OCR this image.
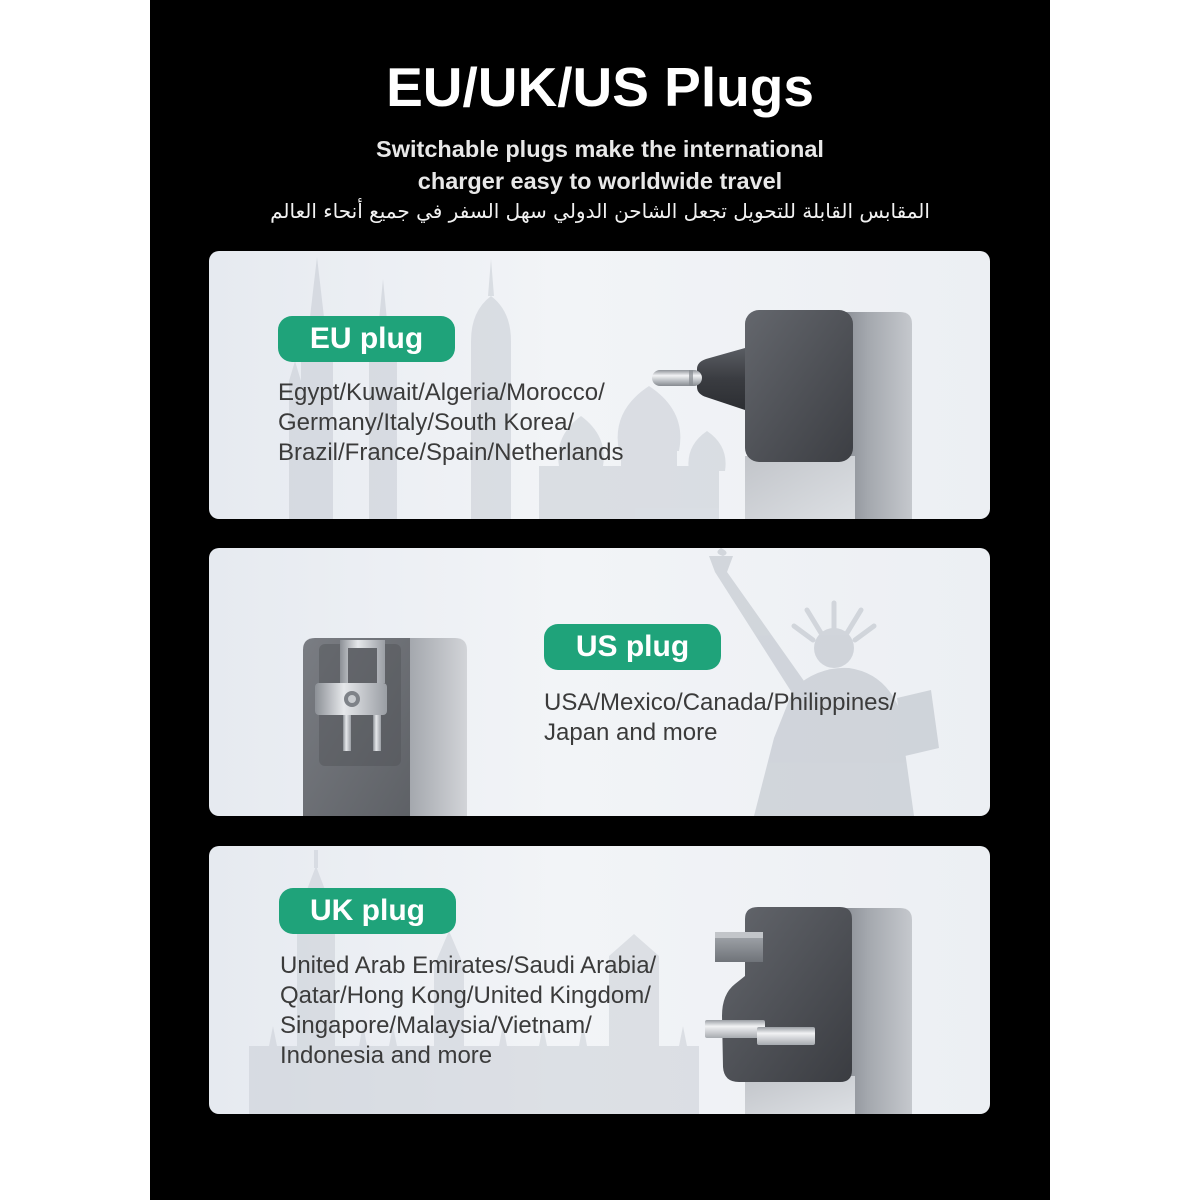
EU/UK/US Plugs
Switchable plugs make the international
charger easy to worldwide travel
المقابس القابلة للتحويل تجعل الشاحن الدولي سهل السفر في جميع أنحاء العالم
EU plug
Egypt/Kuwait/Algeria/Morocco/
Germany/Italy/South Korea/
Brazil/France/Spain/Netherlands
US plug
USA/Mexico/Canada/Philippines/
Japan and more
UK plug
United Arab Emirates/Saudi Arabia/
Qatar/Hong Kong/United Kingdom/
Singapore/Malaysia/Vietnam/
Indonesia and more
